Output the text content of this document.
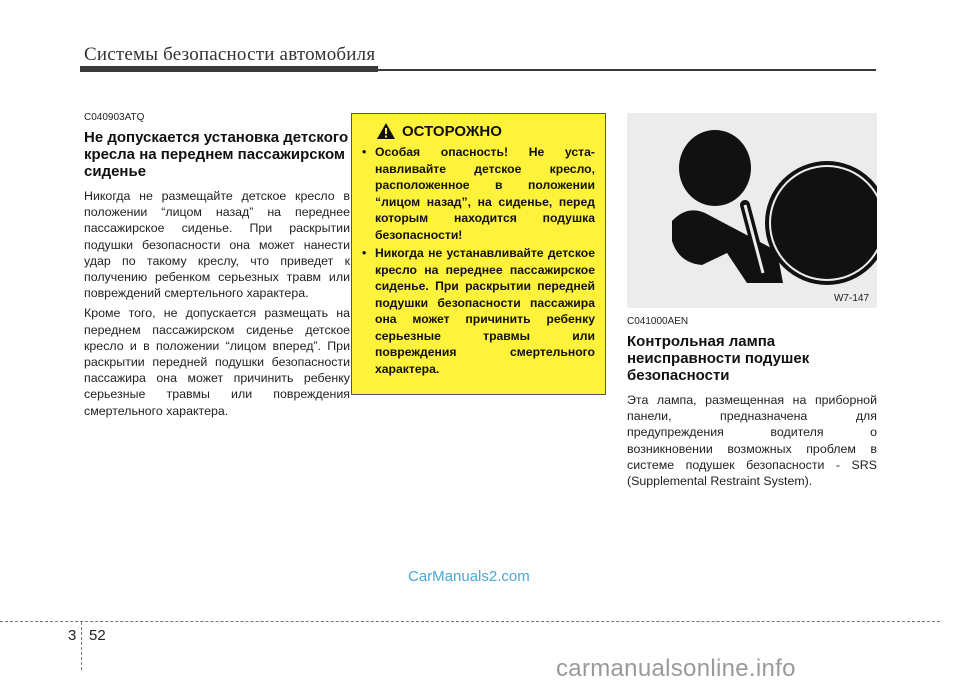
Системы безопасности автомобиля
C040903ATQ
Не допускается установка детского кресла на переднем пассажирском сиденье

Никогда не размещайте детское кресло в положении “лицом назад” на переднее пассажирское сиденье. При раскрытии подушки безопасности она может нанести удар по такому креслу, что приведет к получению ребенком серьезных травм или повреждений смертельного характера.

Кроме того, не допускается размещать на переднем пассажирском сиденье детское кресло и в положении “лицом вперед”. При раскрытии передней подушки безопасности пассажира она может причинить ребенку серьезные травмы или повреждения смертельного характера.

ОСТОРОЖНО
• Особая опасность! Не уста-навливайте детское кресло, расположенное в положении “лицом назад”, на сиденье, перед которым находится подушка безопасности!
• Никогда не устанавливайте детское кресло на переднее пассажирское сиденье. При раскрытии передней подушки безопасности пассажира она может причинить ребенку серьезные травмы или повреждения смертельного характера.
W7-147
C041000AEN
Контрольная лампа неисправности подушек безопасности

Эта лампа, размещенная на приборной панели, предназначена для предупреждения водителя о возникновении возможных проблем в системе подушек безопасности - SRS (Supplemental Restraint System).

CarManuals2.com
3 52
carmanualsonline.info
